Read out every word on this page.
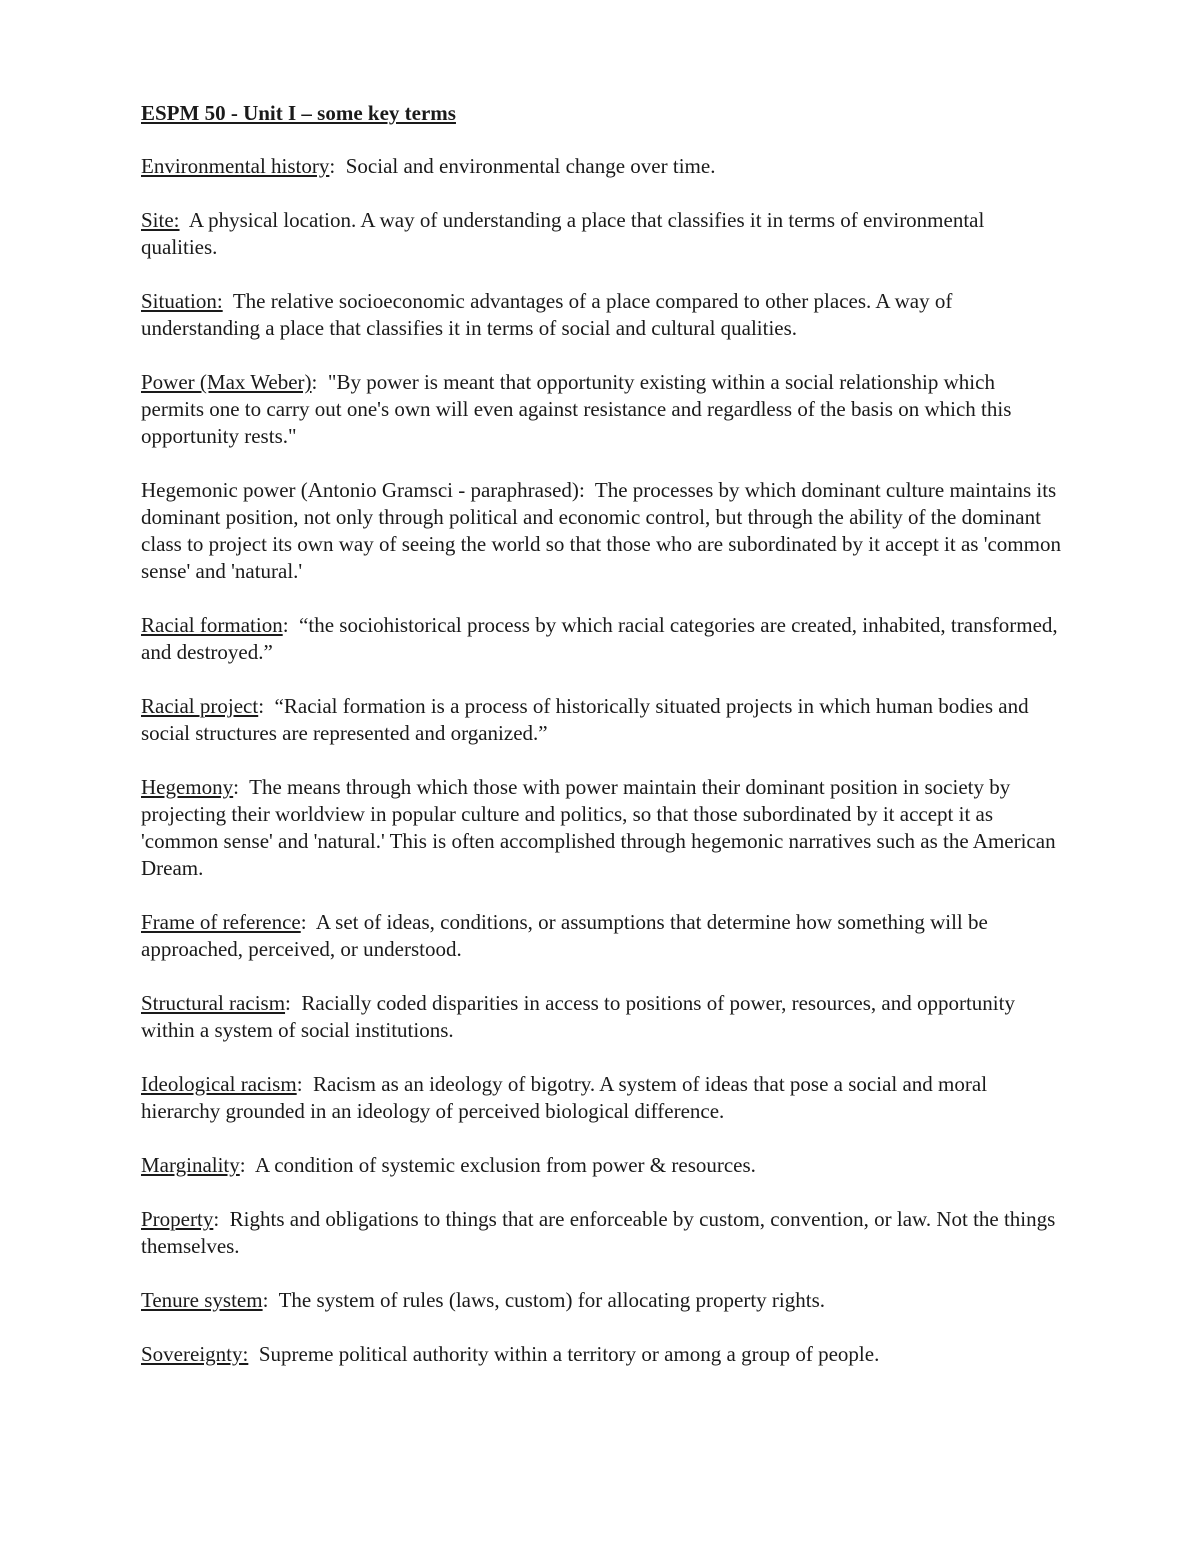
ESPM 50 - Unit I – some key terms
Environmental history:  Social and environmental change over time.
Site: A physical location. A way of understanding a place that classifies it in terms of environmental qualities.
Situation: The relative socioeconomic advantages of a place compared to other places. A way of understanding a place that classifies it in terms of social and cultural qualities.
Power (Max Weber):  "By power is meant that opportunity existing within a social relationship which permits one to carry out one's own will even against resistance and regardless of the basis on which this opportunity rests."
Hegemonic power (Antonio Gramsci - paraphrased):  The processes by which dominant culture maintains its dominant position, not only through political and economic control, but through the ability of the dominant class to project its own way of seeing the world so that those who are subordinated by it accept it as 'common sense' and 'natural.'
Racial formation:  “the sociohistorical process by which racial categories are created, inhabited, transformed, and destroyed.”
Racial project:  “Racial formation is a process of historically situated projects in which human bodies and social structures are represented and organized.”
Hegemony:  The means through which those with power maintain their dominant position in society by projecting their worldview in popular culture and politics, so that those subordinated by it accept it as 'common sense' and 'natural.' This is often accomplished through hegemonic narratives such as the American Dream.
Frame of reference:  A set of ideas, conditions, or assumptions that determine how something will be approached, perceived, or understood.
Structural racism:  Racially coded disparities in access to positions of power, resources, and opportunity within a system of social institutions.
Ideological racism:  Racism as an ideology of bigotry. A system of ideas that pose a social and moral hierarchy grounded in an ideology of perceived biological difference.
Marginality:  A condition of systemic exclusion from power & resources.
Property:  Rights and obligations to things that are enforceable by custom, convention, or law. Not the things themselves.
Tenure system:  The system of rules (laws, custom) for allocating property rights.
Sovereignty: Supreme political authority within a territory or among a group of people.
